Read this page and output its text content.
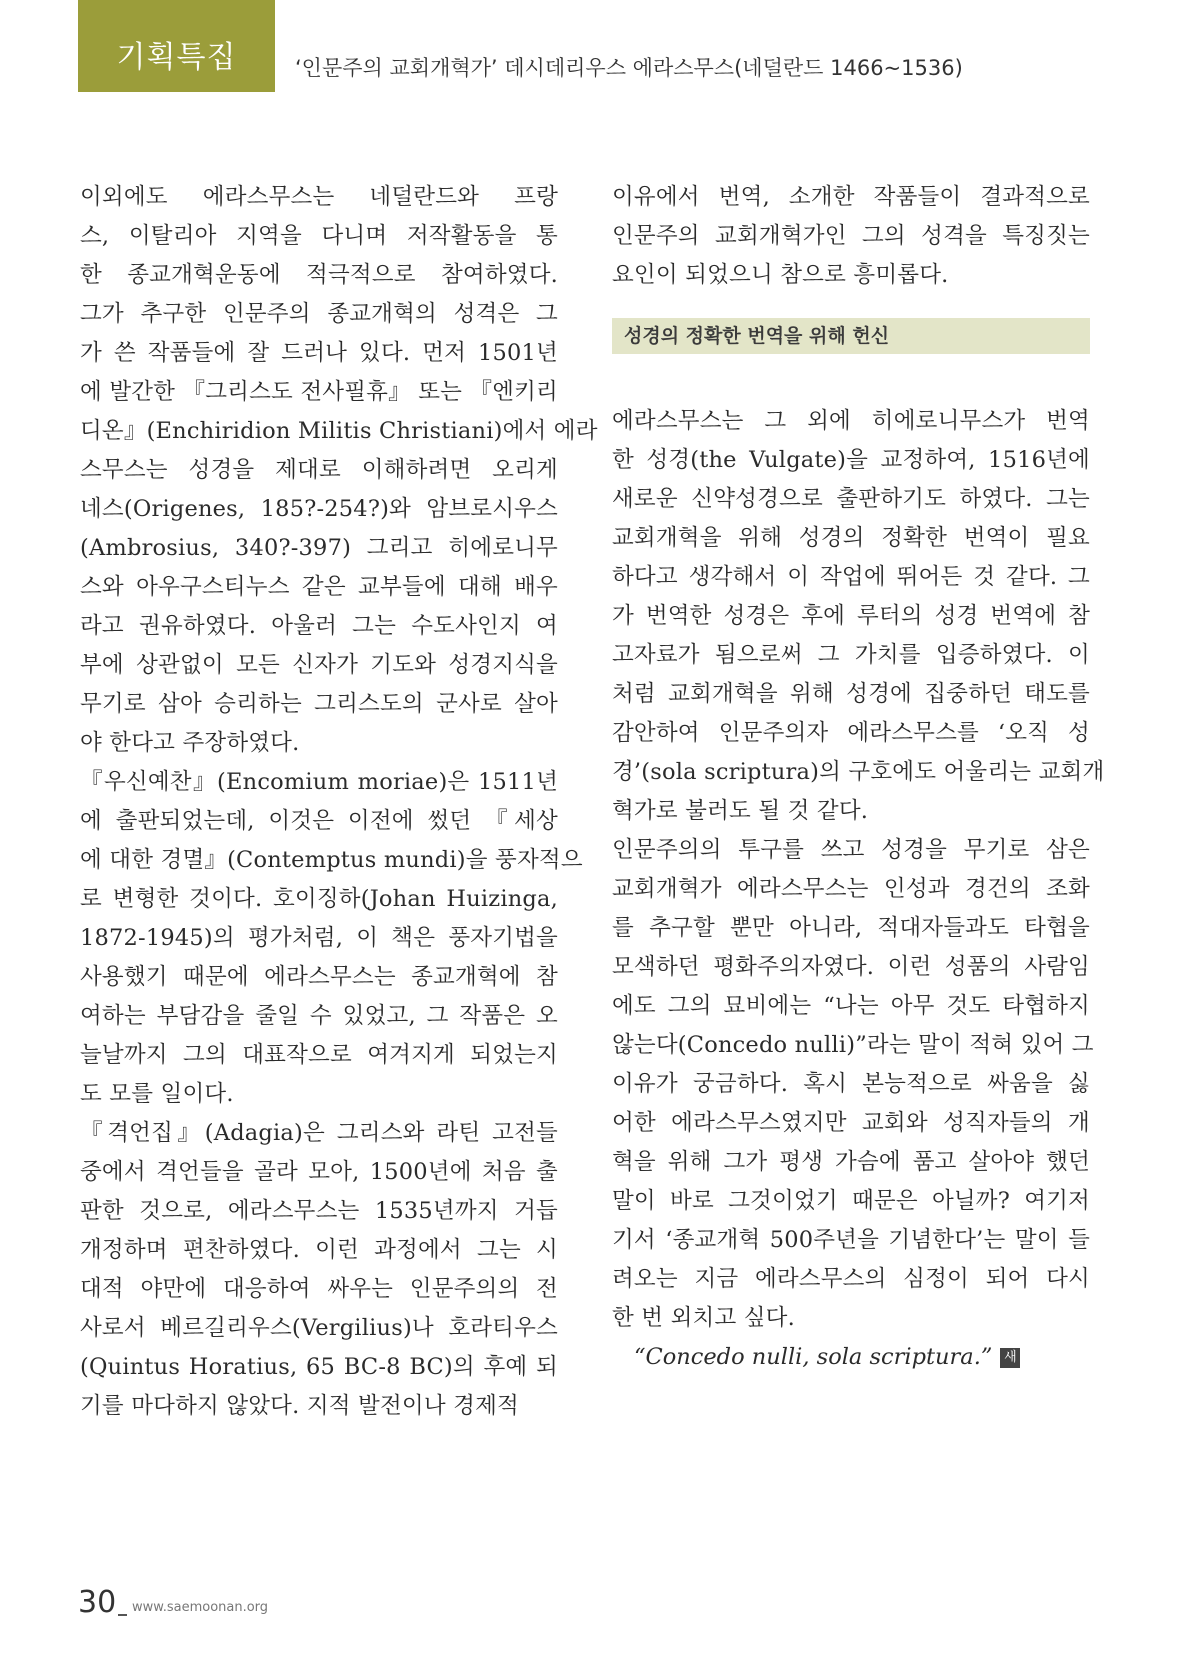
기획특집	‘인문주의 교회개혁가’ 데시데리우스 에라스무스(네덜란드 1466~1536)
이외에도 에라스무스는 네덜란드와 프랑
스, 이탈리아 지역을 다니며 저작활동을 통
한 종교개혁운동에 적극적으로 참여하였다.
그가 추구한 인문주의 종교개혁의 성격은 그
가 쓴 작품들에 잘 드러나 있다. 먼저 1501년
에 발간한 『그리스도 전사필휴』 또는 『엔키리
디온』(Enchiridion Militis Christiani)에서 에라
스무스는 성경을 제대로 이해하려면 오리게
네스(Origenes, 185?-254?)와 암브로시우스
(Ambrosius, 340?-397) 그리고 히에로니무
스와 아우구스티누스 같은 교부들에 대해 배우
라고 권유하였다. 아울러 그는 수도사인지 여
부에 상관없이 모든 신자가 기도와 성경지식을
무기로 삼아 승리하는 그리스도의 군사로 살아
야 한다고 주장하였다.
『우신예찬』(Encomium moriae)은 1511년
에 출판되었는데, 이것은 이전에 썼던 『세상
에 대한 경멸』(Contemptus mundi)을 풍자적으
로 변형한 것이다. 호이징하(Johan Huizinga,
1872-1945)의 평가처럼, 이 책은 풍자기법을
사용했기 때문에 에라스무스는 종교개혁에 참
여하는 부담감을 줄일 수 있었고, 그 작품은 오
늘날까지 그의 대표작으로 여겨지게 되었는지
도 모를 일이다.
『격언집』(Adagia)은 그리스와 라틴 고전들
중에서 격언들을 골라 모아, 1500년에 처음 출
판한 것으로, 에라스무스는 1535년까지 거듭
개정하며 편찬하였다. 이런 과정에서 그는 시
대적 야만에 대응하여 싸우는 인문주의의 전
사로서 베르길리우스(Vergilius)나 호라티우스
(Quintus Horatius, 65 BC-8 BC)의 후예 되
기를 마다하지 않았다. 지적 발전이나 경제적
이유에서 번역, 소개한 작품들이 결과적으로
인문주의 교회개혁가인 그의 성격을 특징짓는
요인이 되었으니 참으로 흥미롭다.
성경의 정확한 번역을 위해 헌신
에라스무스는 그 외에 히에로니무스가 번역
한 성경(the Vulgate)을 교정하여, 1516년에
새로운 신약성경으로 출판하기도 하였다. 그는
교회개혁을 위해 성경의 정확한 번역이 필요
하다고 생각해서 이 작업에 뛰어든 것 같다. 그
가 번역한 성경은 후에 루터의 성경 번역에 참
고자료가 됨으로써 그 가치를 입증하였다. 이
처럼 교회개혁을 위해 성경에 집중하던 태도를
감안하여 인문주의자 에라스무스를 ‘오직 성
경’(sola scriptura)의 구호에도 어울리는 교회개
혁가로 불러도 될 것 같다.
인문주의의 투구를 쓰고 성경을 무기로 삼은
교회개혁가 에라스무스는 인성과 경건의 조화
를 추구할 뿐만 아니라, 적대자들과도 타협을
모색하던 평화주의자였다. 이런 성품의 사람임
에도 그의 묘비에는 “나는 아무 것도 타협하지
않는다(Concedo nulli)”라는 말이 적혀 있어 그
이유가 궁금하다. 혹시 본능적으로 싸움을 싫
어한 에라스무스였지만 교회와 성직자들의 개
혁을 위해 그가 평생 가슴에 품고 살아야 했던
말이 바로 그것이었기 때문은 아닐까? 여기저
기서 ‘종교개혁 500주년을 기념한다’는 말이 들
려오는 지금 에라스무스의 심정이 되어 다시
한 번 외치고 싶다.
“Concedo nulli, sola scriptura.” 새
30 www.saemoonan.org
